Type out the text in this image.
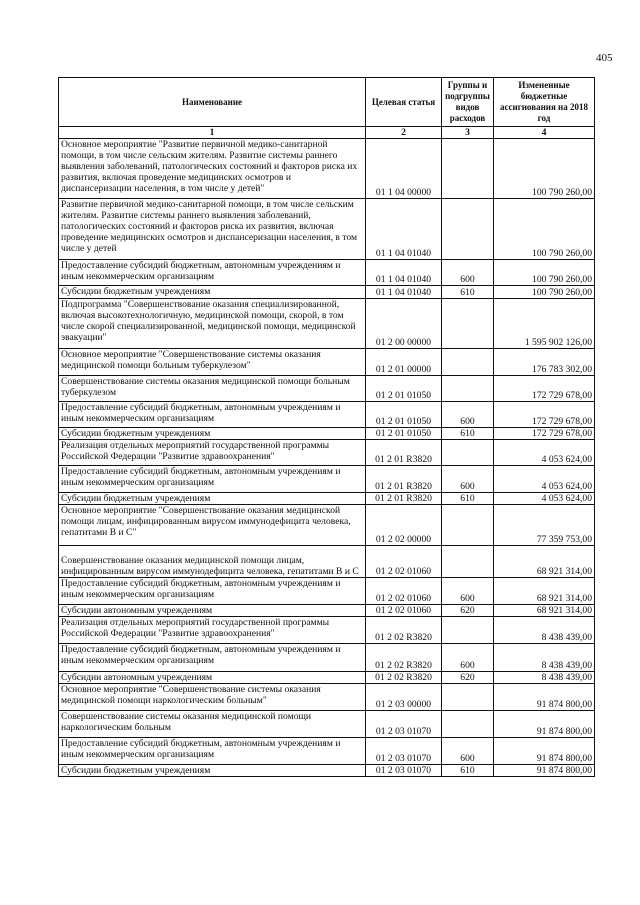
405
Наименование	Целевая статья	Группы и подгруппы видов расходов	Измененные бюджетные ассигнования на 2018 год
1	2	3	4
Основное мероприятие "Развитие первичной медико-санитарной помощи, в том числе сельским жителям. Развитие системы раннего выявления заболеваний, патологических состояний и факторов риска их развития, включая проведение медицинских осмотров и диспансеризации населения, в том числе у детей"	01 1 04 00000		100 790 260,00
Развитие первичной медико-санитарной помощи, в том числе сельским жителям. Развитие системы раннего выявления заболеваний, патологических состояний и факторов риска их развития, включая проведение медицинских осмотров и диспансеризации населения, в том числе у детей	01 1 04 01040		100 790 260,00
Предоставление субсидий бюджетным, автономным учреждениям и иным некоммерческим организациям	01 1 04 01040	600	100 790 260,00
Субсидии бюджетным учреждениям	01 1 04 01040	610	100 790 260,00
Подпрограмма "Совершенствование оказания специализированной, включая высокотехнологичную, медицинской помощи, скорой, в том числе скорой специализированной, медицинской помощи, медицинской эвакуации"	01 2 00 00000		1 595 902 126,00
Основное мероприятие "Совершенствование системы оказания медицинской помощи больным туберкулезом"	01 2 01 00000		176 783 302,00
Совершенствование системы оказания медицинской помощи больным туберкулезом	01 2 01 01050		172 729 678,00
Предоставление субсидий бюджетным, автономным учреждениям и иным некоммерческим организациям	01 2 01 01050	600	172 729 678,00
Субсидии бюджетным учреждениям	01 2 01 01050	610	172 729 678,00
Реализация отдельных мероприятий государственной программы Российской Федерации "Развитие здравоохранения"	01 2 01 R3820		4 053 624,00
Предоставление субсидий бюджетным, автономным учреждениям и иным некоммерческим организациям	01 2 01 R3820	600	4 053 624,00
Субсидии бюджетным учреждениям	01 2 01 R3820	610	4 053 624,00
Основное мероприятие "Совершенствование оказания медицинской помощи лицам, инфицированным вирусом иммунодефицита человека, гепатитами В и С"	01 2 02 00000		77 359 753,00
Совершенствование оказания медицинской помощи лицам, инфицированным вирусом иммунодефицита человека, гепатитами В и С	01 2 02 01060		68 921 314,00
Предоставление субсидий бюджетным, автономным учреждениям и иным некоммерческим организациям	01 2 02 01060	600	68 921 314,00
Субсидии автономным учреждениям	01 2 02 01060	620	68 921 314,00
Реализация отдельных мероприятий государственной программы Российской Федерации "Развитие здравоохранения"	01 2 02 R3820		8 438 439,00
Предоставление субсидий бюджетным, автономным учреждениям и иным некоммерческим организациям	01 2 02 R3820	600	8 438 439,00
Субсидии автономным учреждениям	01 2 02 R3820	620	8 438 439,00
Основное мероприятие "Совершенствование системы оказания медицинской помощи наркологическим больным"	01 2 03 00000		91 874 800,00
Совершенствование системы оказания медицинской помощи наркологическим больным	01 2 03 01070		91 874 800,00
Предоставление субсидий бюджетным, автономным учреждениям и иным некоммерческим организациям	01 2 03 01070	600	91 874 800,00
Субсидии бюджетным учреждениям	01 2 03 01070	610	91 874 800,00
